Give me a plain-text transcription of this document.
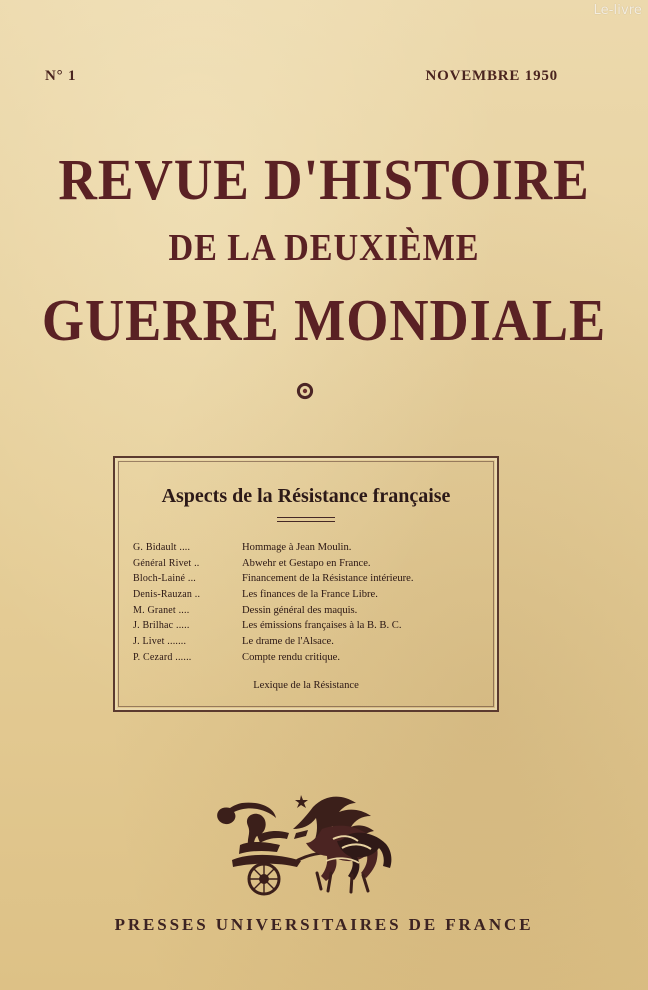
Le-livre
N° 1	NOVEMBRE 1950
REVUE D'HISTOIRE
DE LA DEUXIÈME
GUERRE MONDIALE
Aspects de la Résistance française
G. Bidault ....	Hommage à Jean Moulin.
Général Rivet ..	Abwehr et Gestapo en France.
Bloch-Lainé ...	Financement de la Résistance intérieure.
Denis-Rauzan ..	Les finances de la France Libre.
M. Granet ....	Dessin général des maquis.
J. Brilhac .....	Les émissions françaises à la B. B. C.
J. Livet .......	Le drame de l'Alsace.
P. Cezard ......	Compte rendu critique.
Lexique de la Résistance
PRESSES UNIVERSITAIRES DE FRANCE
